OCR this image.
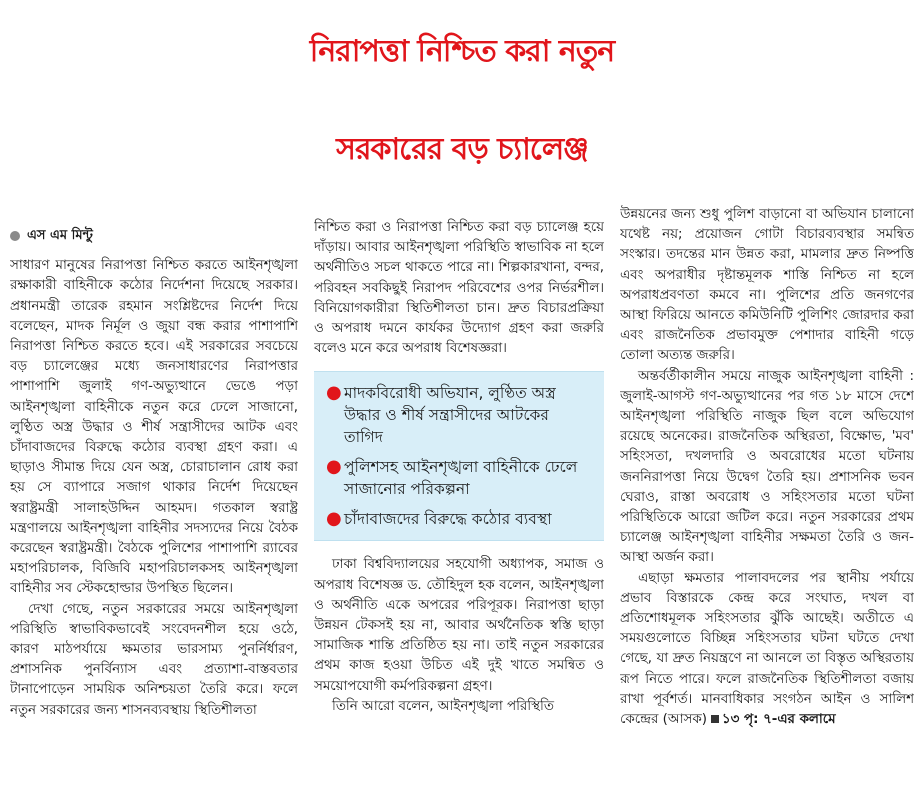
নিরাপত্তা নিশ্চিত করা নতুন
সরকারের বড় চ্যালেঞ্জ
এস এম মিন্টু

সাধারণ মানুষের নিরাপত্তা নিশ্চিত করতে আইনশৃঙ্খলা রক্ষাকারী বাহিনীকে কঠোর নির্দেশনা দিয়েছে সরকার। প্রধানমন্ত্রী তারেক রহমান সংশ্লিষ্টদের নির্দেশ দিয়ে বলেছেন, মাদক নির্মূল ও জুয়া বন্ধ করার পাশাপাশি নিরাপত্তা নিশ্চিত করতে হবে। এই সরকারের সবচেয়ে বড় চ্যালেঞ্জের মধ্যে জনসাধারণের নিরাপত্তার পাশাপাশি জুলাই গণ-অভ্যুত্থানে ভেঙে পড়া আইনশৃঙ্খলা বাহিনীকে নতুন করে ঢেলে সাজানো, লুণ্ঠিত অস্ত্র উদ্ধার ও শীর্ষ সন্ত্রাসীদের আটক এবং চাঁদাবাজদের বিরুদ্ধে কঠোর ব্যবস্থা গ্রহণ করা। এ ছাড়াও সীমান্ত দিয়ে যেন অস্ত্র, চোরাচালান রোধ করা হয় সে ব্যাপারে সজাগ থাকার নির্দেশ দিয়েছেন স্বরাষ্ট্রমন্ত্রী সালাহউদ্দিন আহমদ। গতকাল স্বরাষ্ট্র মন্ত্রণালয়ে আইনশৃঙ্খলা বাহিনীর সদস্যদের নিয়ে বৈঠক করেছেন স্বরাষ্ট্রমন্ত্রী। বৈঠকে পুলিশের পাশাপাশি র‌্যাবের মহাপরিচালক, বিজিবি মহাপরিচালকসহ আইনশৃঙ্খলা বাহিনীর সব স্টেকহোল্ডার উপস্থিত ছিলেন।

দেখা গেছে, নতুন সরকারের সময়ে আইনশৃঙ্খলা পরিস্থিতি স্বাভাবিকভাবেই সংবেদনশীল হয়ে ওঠে, কারণ মাঠপর্যায়ে ক্ষমতার ভারসাম্য পুনর্নির্ধারণ, প্রশাসনিক পুনর্বিন্যাস এবং প্রত্যাশা-বাস্তবতার টানাপোড়েন সাময়িক অনিশ্চয়তা তৈরি করে। ফলে নতুন সরকারের জন্য শাসনব্যবস্থায় স্থিতিশীলতা

নিশ্চিত করা ও নিরাপত্তা নিশ্চিত করা বড় চ্যালেঞ্জ হয়ে দাঁড়ায়। আবার আইনশৃঙ্খলা পরিস্থিতি স্বাভাবিক না হলে অর্থনীতিও সচল থাকতে পারে না। শিল্পকারখানা, বন্দর, পরিবহন সবকিছুই নিরাপদ পরিবেশের ওপর নির্ভরশীল। বিনিয়োগকারীরা স্থিতিশীলতা চান। দ্রুত বিচারপ্রক্রিয়া ও অপরাধ দমনে কার্যকর উদ্যোগ গ্রহণ করা জরুরি বলেও মনে করে অপরাধ বিশেষজ্ঞরা।

● মাদকবিরোধী অভিযান, লুণ্ঠিত অস্ত্র উদ্ধার ও শীর্ষ সন্ত্রাসীদের আটকের তাগিদ
● পুলিশসহ আইনশৃঙ্খলা বাহিনীকে ঢেলে সাজানোর পরিকল্পনা
● চাঁদাবাজদের বিরুদ্ধে কঠোর ব্যবস্থা

ঢাকা বিশ্ববিদ্যালয়ের সহযোগী অধ্যাপক, সমাজ ও অপরাধ বিশেষজ্ঞ ড. তৌহিদুল হক বলেন, আইনশৃঙ্খলা ও অর্থনীতি একে অপরের পরিপূরক। নিরাপত্তা ছাড়া উন্নয়ন টেকসই হয় না, আবার অর্থনৈতিক স্বস্তি ছাড়া সামাজিক শান্তি প্রতিষ্ঠিত হয় না। তাই নতুন সরকারের প্রথম কাজ হওয়া উচিত এই দুই খাতে সমন্বিত ও সময়োপযোগী কর্মপরিকল্পনা গ্রহণ।

তিনি আরো বলেন, আইনশৃঙ্খলা পরিস্থিতি

উন্নয়নের জন্য শুধু পুলিশ বাড়ানো বা অভিযান চালানো যথেষ্ট নয়; প্রয়োজন গোটা বিচারব্যবস্থার সমন্বিত সংস্কার। তদন্তের মান উন্নত করা, মামলার দ্রুত নিষ্পত্তি এবং অপরাধীর দৃষ্টান্তমূলক শাস্তি নিশ্চিত না হলে অপরাধপ্রবণতা কমবে না। পুলিশের প্রতি জনগণের আস্থা ফিরিয়ে আনতে কমিউনিটি পুলিশিং জোরদার করা এবং রাজনৈতিক প্রভাবমুক্ত পেশাদার বাহিনী গড়ে তোলা অত্যন্ত জরুরি।

অন্তর্বর্তীকালীন সময়ে নাজুক আইনশৃঙ্খলা বাহিনী : জুলাই-আগস্ট গণ-অভ্যুত্থানের পর গত ১৮ মাসে দেশে আইনশৃঙ্খলা পরিস্থিতি নাজুক ছিল বলে অভিযোগ রয়েছে অনেকের। রাজনৈতিক অস্থিরতা, বিক্ষোভ, 'মব' সহিংসতা, দখলদারি ও অবরোধের মতো ঘটনায় জননিরাপত্তা নিয়ে উদ্বেগ তৈরি হয়। প্রশাসনিক ভবন ঘেরাও, রাস্তা অবরোধ ও সহিংসতার মতো ঘটনা পরিস্থিতিকে আরো জটিল করে। নতুন সরকারের প্রথম চ্যালেঞ্জ আইনশৃঙ্খলা বাহিনীর সক্ষমতা তৈরি ও জন-আস্থা অর্জন করা।

এছাড়া ক্ষমতার পালাবদলের পর স্থানীয় পর্যায়ে প্রভাব বিস্তারকে কেন্দ্র করে সংঘাত, দখল বা প্রতিশোধমূলক সহিংসতার ঝুঁকি আছেই। অতীতে এ সময়গুলোতে বিচ্ছিন্ন সহিংসতার ঘটনা ঘটতে দেখা গেছে, যা দ্রুত নিয়ন্ত্রণে না আনলে তা বিস্তৃত অস্থিরতায় রূপ নিতে পারে। ফলে রাজনৈতিক স্থিতিশীলতা বজায় রাখা পূর্বশর্ত। মানবাধিকার সংগঠন আইন ও সালিশ কেন্দ্রের (আসক) ১৩ পৃ: ৭-এর কলামে
